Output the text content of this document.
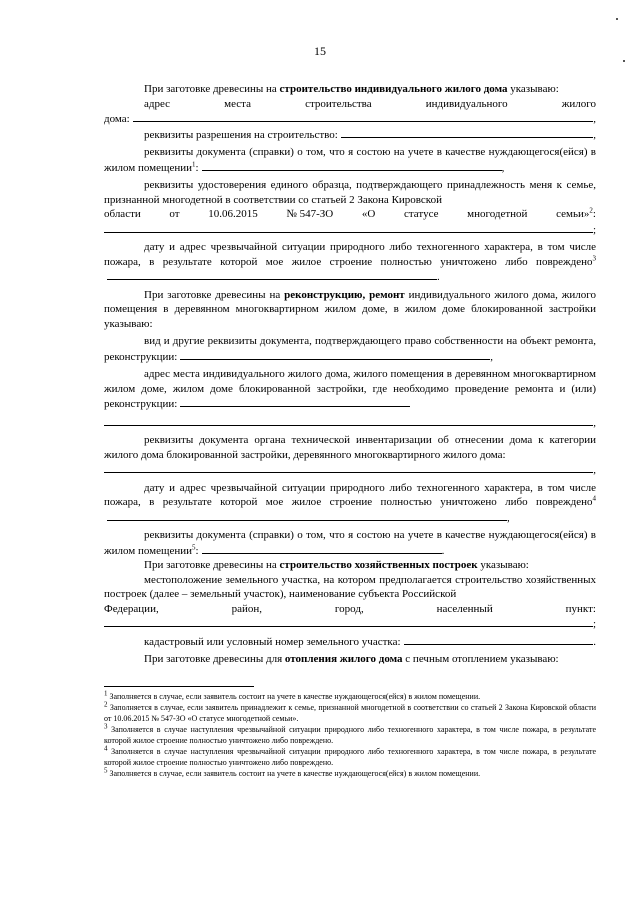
15

При заготовке древесины на строительство индивидуального жилого дома указываю:

адрес	места	строительства	индивидуального	жилого
дома:	,
реквизиты разрешения на строительство:	,

реквизиты документа (справки) о том, что я состою на учете в качестве нуждающегося(ейся) в жилом помещении$^1$:	,

реквизиты удостоверения единого образца, подтверждающего принадлежность меня к семье, признанной многодетной в соответствии со статьей 2 Закона Кировской

области	от	10.06.2015	№ 547-ЗО	«О	статусе	многодетной	семьи»$^2$:
;

дату и адрес чрезвычайной ситуации природного либо техногенного характера, в том числе пожара, в результате которой мое жилое строение полностью уничтожено либо повреждено$^3$.

При заготовке древесины на реконструкцию, ремонт индивидуального жилого дома, жилого помещения в деревянном многоквартирном жилом доме, в жилом доме блокированной застройки указываю:

вид и другие реквизиты документа, подтверждающего право собственности на объект ремонта, реконструкции:	,

адрес места индивидуального жилого дома, жилого помещения в деревянном многоквартирном жилом доме, жилом доме блокированной застройки, где необходимо проведение ремонта и (или) реконструкции:

,

реквизиты документа органа технической инвентаризации об отнесении дома к категории жилого дома блокированной застройки, деревянного многоквартирного жилого дома:

,

дату и адрес чрезвычайной ситуации природного либо техногенного характера, в том числе пожара, в результате которой мое жилое строение полностью уничтожено либо повреждено$^4$,

реквизиты документа (справки) о том, что я состою на учете в качестве нуждающегося(ейся) в жилом помещении$^5$:	.

При заготовке древесины на строительство хозяйственных построек указываю:

местоположение земельного участка, на котором предполагается строительство хозяйственных построек (далее – земельный участок), наименование субъекта Российской

Федерации,	район,	город,	населенный	пункт:
;
кадастровый или условный номер земельного участка:	.

При заготовке древесины для отопления жилого дома с печным отоплением указываю:

$^1$ Заполняется в случае, если заявитель состоит на учете в качестве нуждающегося(ейся) в жилом помещении.

$^2$ Заполняется в случае, если заявитель принадлежит к семье, признанной многодетной в соответствии со статьей 2 Закона Кировской области от 10.06.2015 № 547-ЗО «О статусе многодетной семьи».

$^3$ Заполняется в случае наступления чрезвычайной ситуации природного либо техногенного характера, в том числе пожара, в результате которой жилое строение полностью уничтожено либо повреждено.

$^4$ Заполняется в случае наступления чрезвычайной ситуации природного либо техногенного характера, в том числе пожара, в результате которой жилое строение полностью уничтожено либо повреждено.

$^5$ Заполняется в случае, если заявитель состоит на учете в качестве нуждающегося(ейся) в жилом помещении.
